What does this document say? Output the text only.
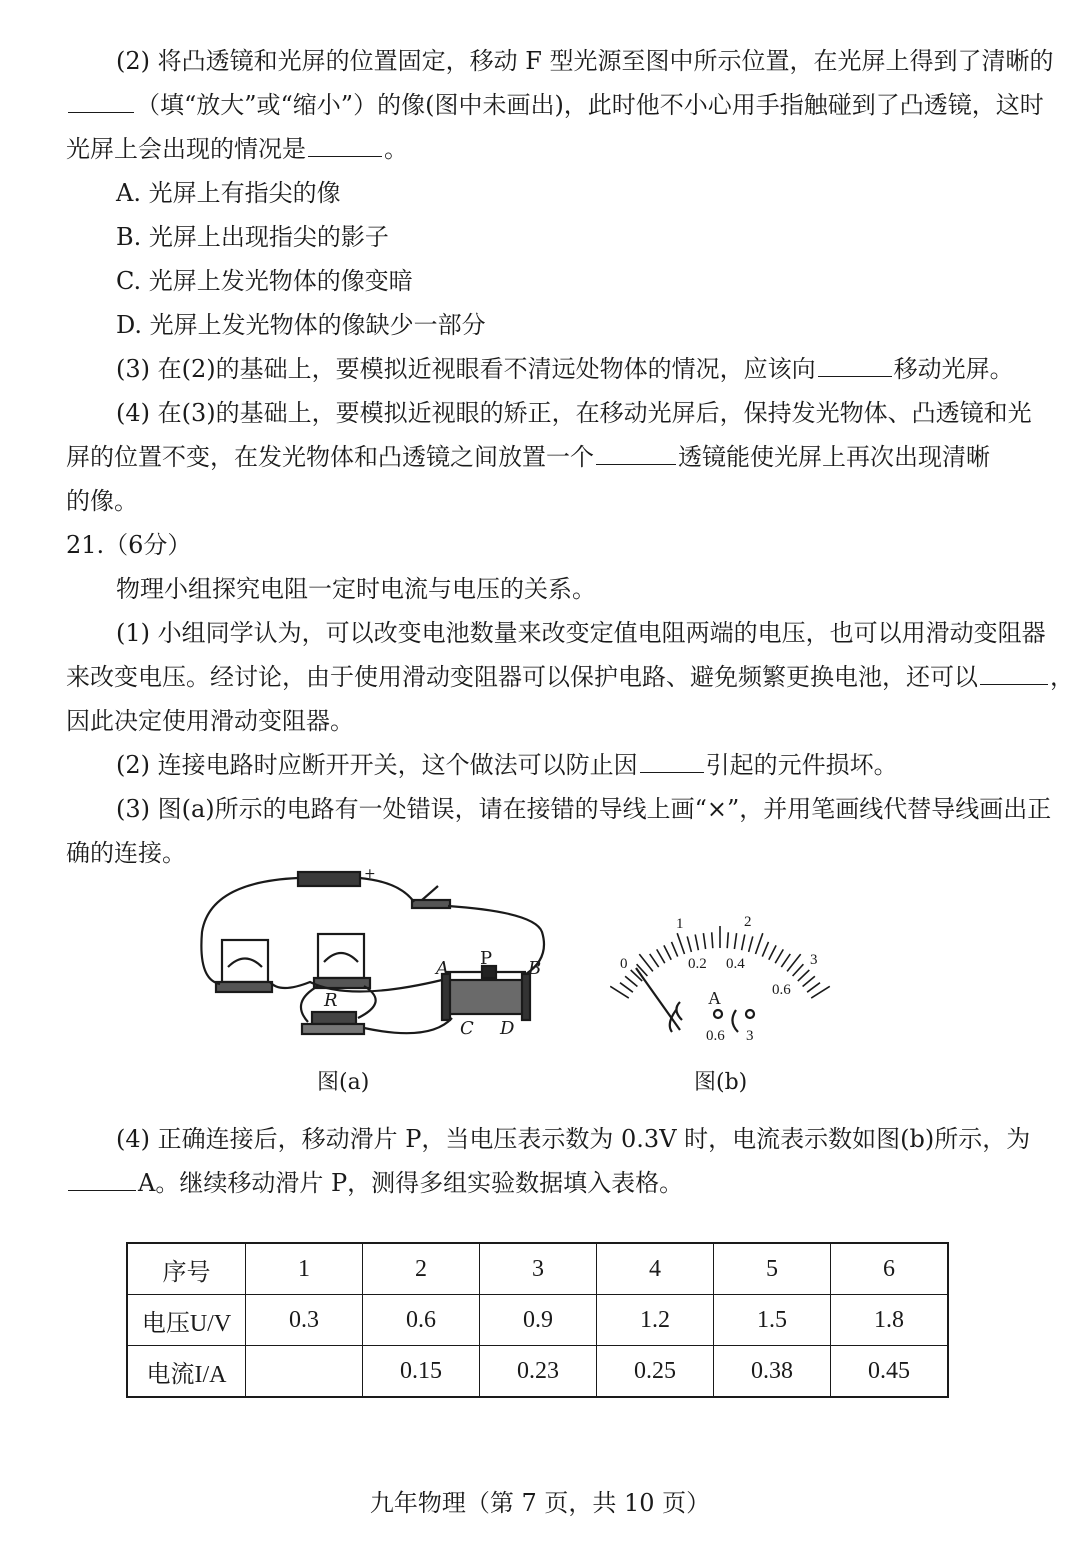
(2) 将凸透镜和光屏的位置固定，移动 F 型光源至图中所示位置，在光屏上得到了清晰的
（填“放大”或“缩小”）的像(图中未画出)，此时他不小心用手指触碰到了凸透镜，这时
光屏上会出现的情况是	。
A. 光屏上有指尖的像
B. 光屏上出现指尖的影子
C. 光屏上发光物体的像变暗
D. 光屏上发光物体的像缺少一部分
(3) 在(2)的基础上，要模拟近视眼看不清远处物体的情况，应该向	移动光屏。
(4) 在(3)的基础上，要模拟近视眼的矫正，在移动光屏后，保持发光物体、凸透镜和光
屏的位置不变，在发光物体和凸透镜之间放置一个	透镜能使光屏上再次出现清晰
的像。
21.（6分）
物理小组探究电阻一定时电流与电压的关系。
(1) 小组同学认为，可以改变电池数量来改变定值电阻两端的电压，也可以用滑动变阻器
来改变电压。经讨论，由于使用滑动变阻器可以保护电路、避免频繁更换电池，还可以	，
因此决定使用滑动变阻器。
(2) 连接电路时应断开开关，这个做法可以防止因	引起的元件损坏。
(3) 图(a)所示的电路有一处错误，请在接错的导线上画“×”，并用笔画线代替导线画出正
确的连接。
+
A P B
C D
R
图(a)
1	2
3
0	0.2 0.4
0.6
A
0.6 3
图(b)
(4) 正确连接后，移动滑片 P，当电压表示数为 0.3V 时，电流表示数如图(b)所示，为
A。继续移动滑片 P，测得多组实验数据填入表格。
序号	1	2	3	4	5	6
电压U/V	0.3	0.6	0.9	1.2	1.5	1.8
电流I/A		0.15	0.23	0.25	0.38	0.45
九年物理（第 7 页，共 10 页）
